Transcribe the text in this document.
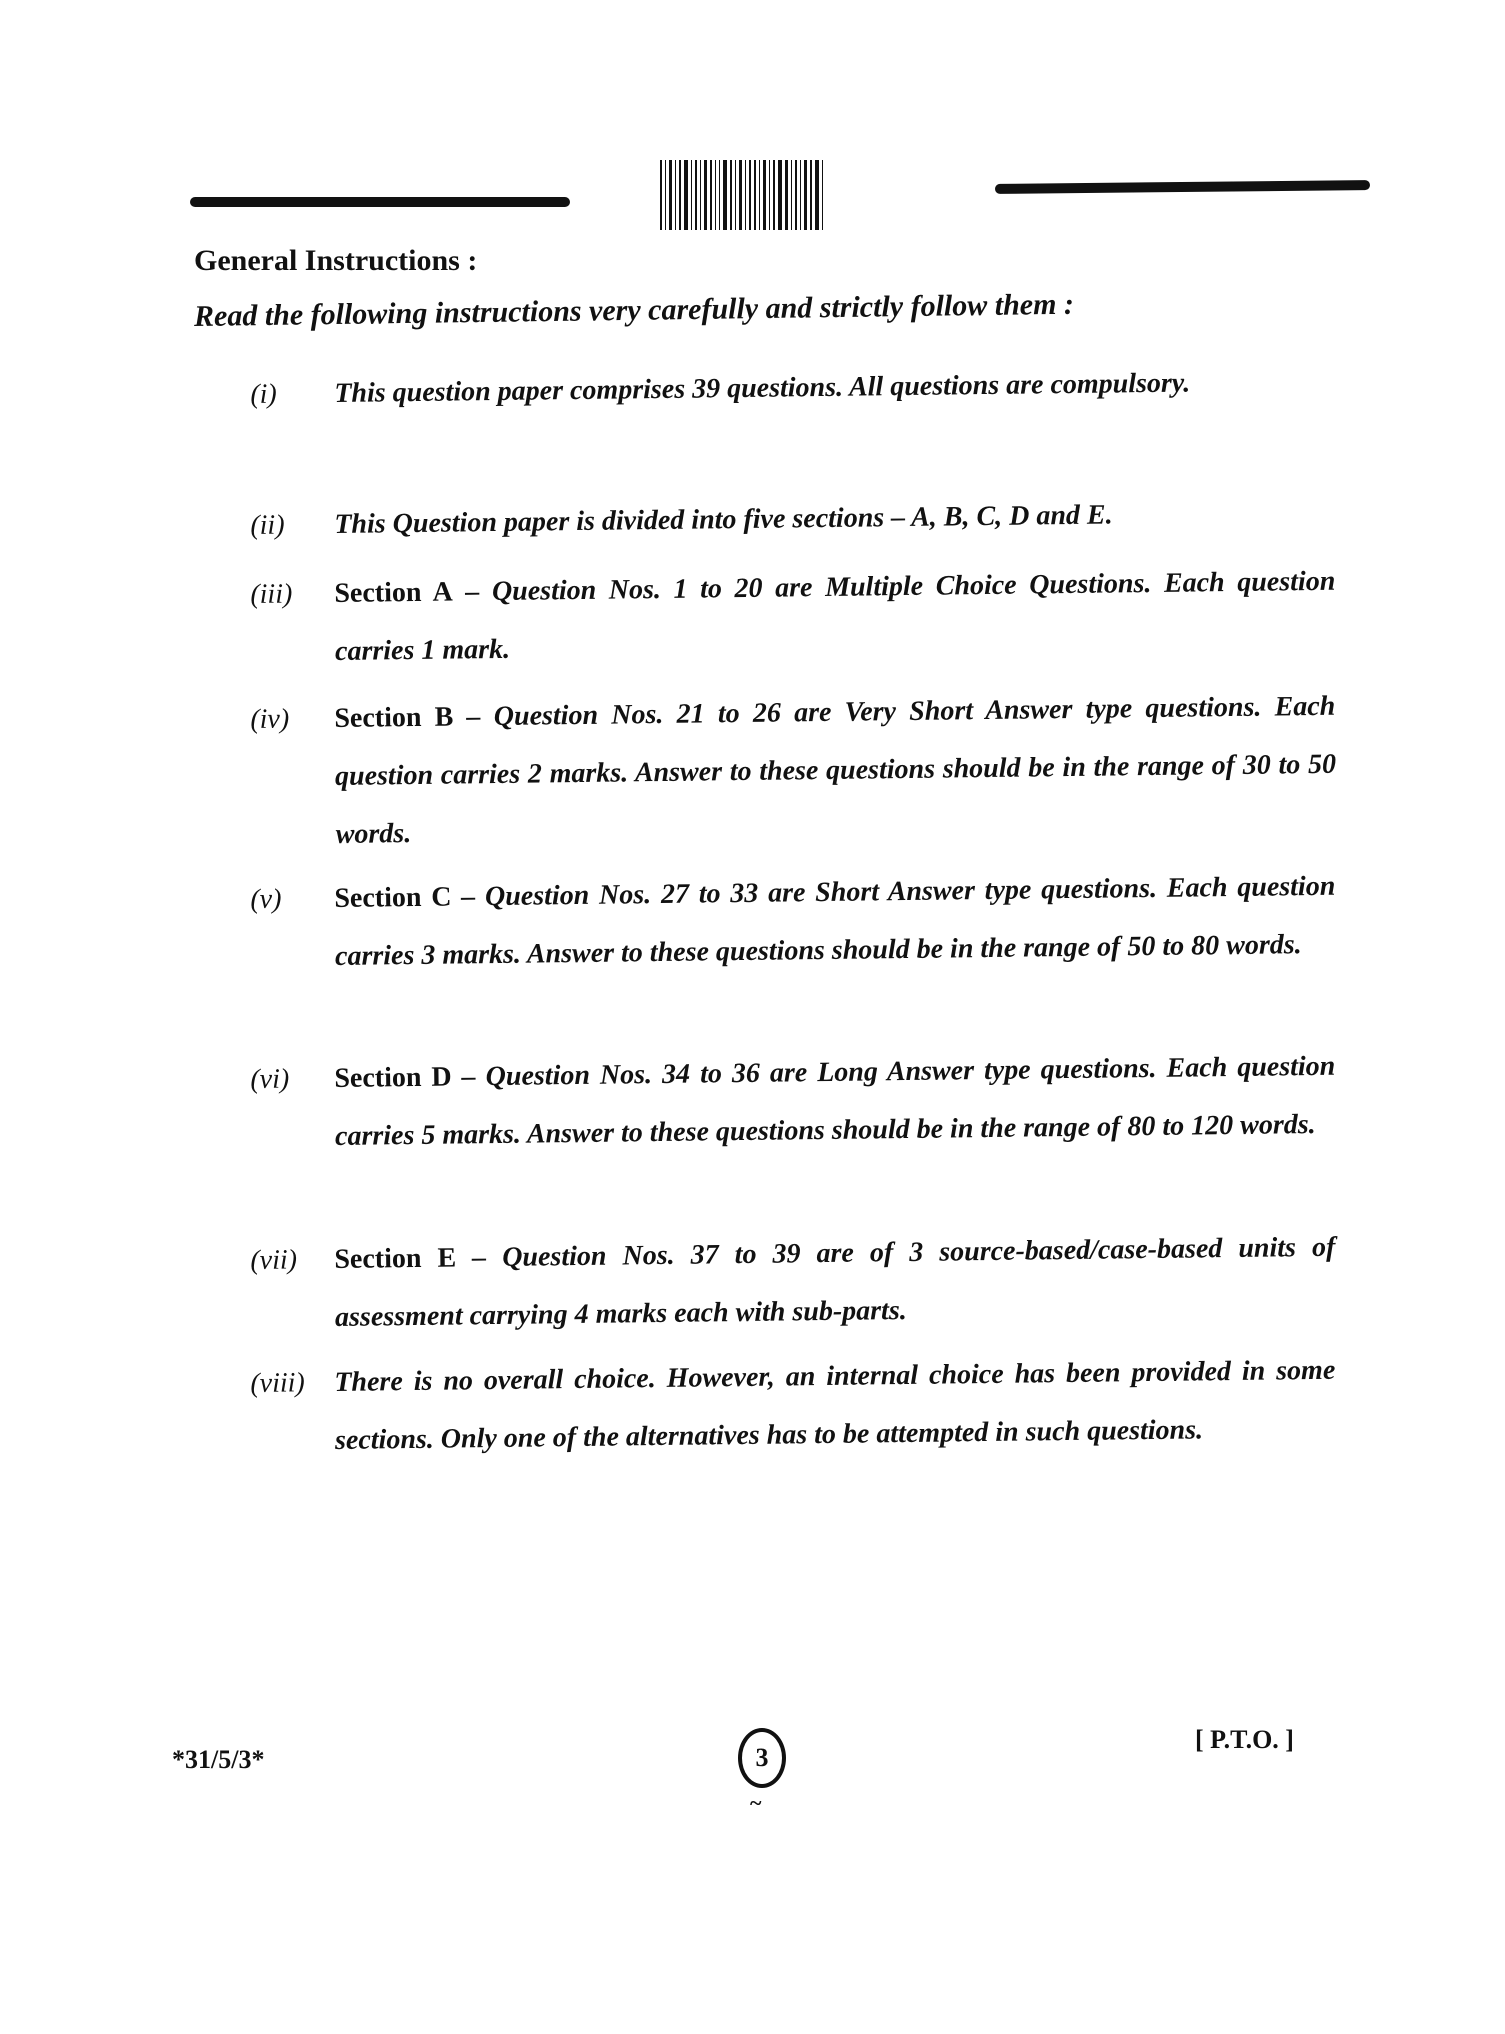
General Instructions :
Read the following instructions very carefully and strictly follow them :
(i)	This question paper comprises 39 questions. All questions are compulsory.
(ii)	This Question paper is divided into five sections – A, B, C, D and E.
(iii)	Section A – Question Nos. 1 to 20 are Multiple Choice Questions. Each question carries 1 mark.
(iv)	Section B – Question Nos. 21 to 26 are Very Short Answer type questions. Each question carries 2 marks. Answer to these questions should be in the range of 30 to 50 words.
(v)	Section C – Question Nos. 27 to 33 are Short Answer type questions. Each question carries 3 marks. Answer to these questions should be in the range of 50 to 80 words.
(vi)	Section D – Question Nos. 34 to 36 are Long Answer type questions. Each question carries 5 marks. Answer to these questions should be in the range of 80 to 120 words.
(vii)	Section E – Question Nos. 37 to 39 are of 3 source-based/case-based units of assessment carrying 4 marks each with sub-parts.
(viii)	There is no overall choice. However, an internal choice has been provided in some sections. Only one of the alternatives has to be attempted in such questions.
*31/5/3*	3
~
[ P.T.O. ]
